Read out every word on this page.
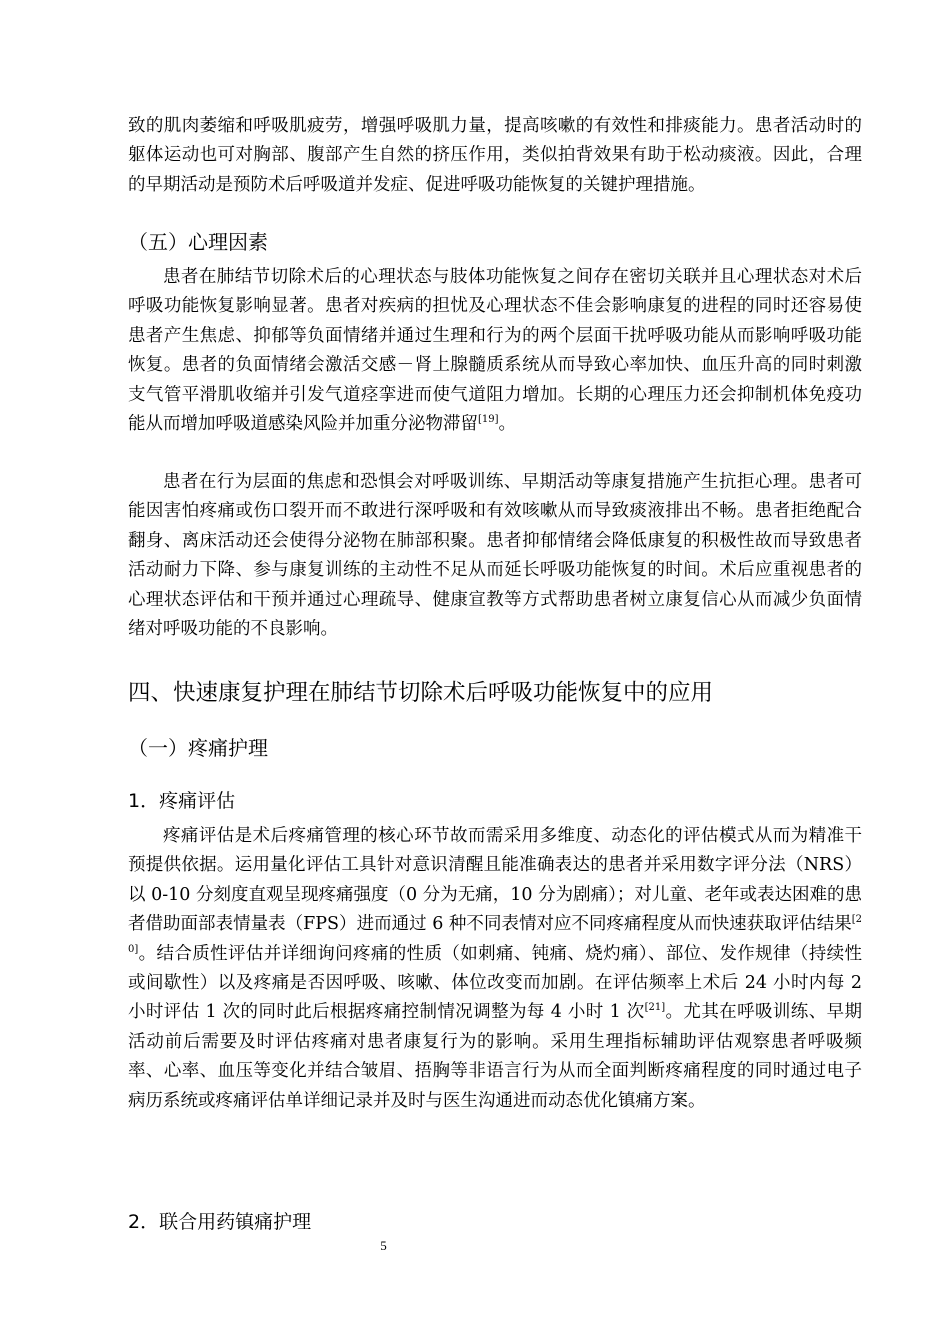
致的肌肉萎缩和呼吸肌疲劳，增强呼吸肌力量，提高咳嗽的有效性和排痰能力。患者活动时的躯体运动也可对胸部、腹部产生自然的挤压作用，类似拍背效果有助于松动痰液。因此，合理的早期活动是预防术后呼吸道并发症、促进呼吸功能恢复的关键护理措施。

（五）心理因素

患者在肺结节切除术后的心理状态与肢体功能恢复之间存在密切关联并且心理状态对术后呼吸功能恢复影响显著。患者对疾病的担忧及心理状态不佳会影响康复的进程的同时还容易使患者产生焦虑、抑郁等负面情绪并通过生理和行为的两个层面干扰呼吸功能从而影响呼吸功能恢复。患者的负面情绪会激活交感－肾上腺髓质系统从而导致心率加快、血压升高的同时刺激支气管平滑肌收缩并引发气道痉挛进而使气道阻力增加。长期的心理压力还会抑制机体免疫功能从而增加呼吸道感染风险并加重分泌物滞留[19]。

患者在行为层面的焦虑和恐惧会对呼吸训练、早期活动等康复措施产生抗拒心理。患者可能因害怕疼痛或伤口裂开而不敢进行深呼吸和有效咳嗽从而导致痰液排出不畅。患者拒绝配合翻身、离床活动还会使得分泌物在肺部积聚。患者抑郁情绪会降低康复的积极性故而导致患者活动耐力下降、参与康复训练的主动性不足从而延长呼吸功能恢复的时间。术后应重视患者的心理状态评估和干预并通过心理疏导、健康宣教等方式帮助患者树立康复信心从而减少负面情绪对呼吸功能的不良影响。

四、快速康复护理在肺结节切除术后呼吸功能恢复中的应用
（一）疼痛护理
1．疼痛评估

疼痛评估是术后疼痛管理的核心环节故而需采用多维度、动态化的评估模式从而为精准干预提供依据。运用量化评估工具针对意识清醒且能准确表达的患者并采用数字评分法（NRS）以 0-10 分刻度直观呈现疼痛强度（0 分为无痛，10 分为剧痛）；对儿童、老年或表达困难的患者借助面部表情量表（FPS）进而通过 6 种不同表情对应不同疼痛程度从而快速获取评估结果[20]。结合质性评估并详细询问疼痛的性质（如刺痛、钝痛、烧灼痛）、部位、发作规律（持续性或间歇性）以及疼痛是否因呼吸、咳嗽、体位改变而加剧。在评估频率上术后 24 小时内每 2 小时评估 1 次的同时此后根据疼痛控制情况调整为每 4 小时 1 次[21]。尤其在呼吸训练、早期活动前后需要及时评估疼痛对患者康复行为的影响。采用生理指标辅助评估观察患者呼吸频率、心率、血压等变化并结合皱眉、捂胸等非语言行为从而全面判断疼痛程度的同时通过电子病历系统或疼痛评估单详细记录并及时与医生沟通进而动态优化镇痛方案。

2．联合用药镇痛护理
5
